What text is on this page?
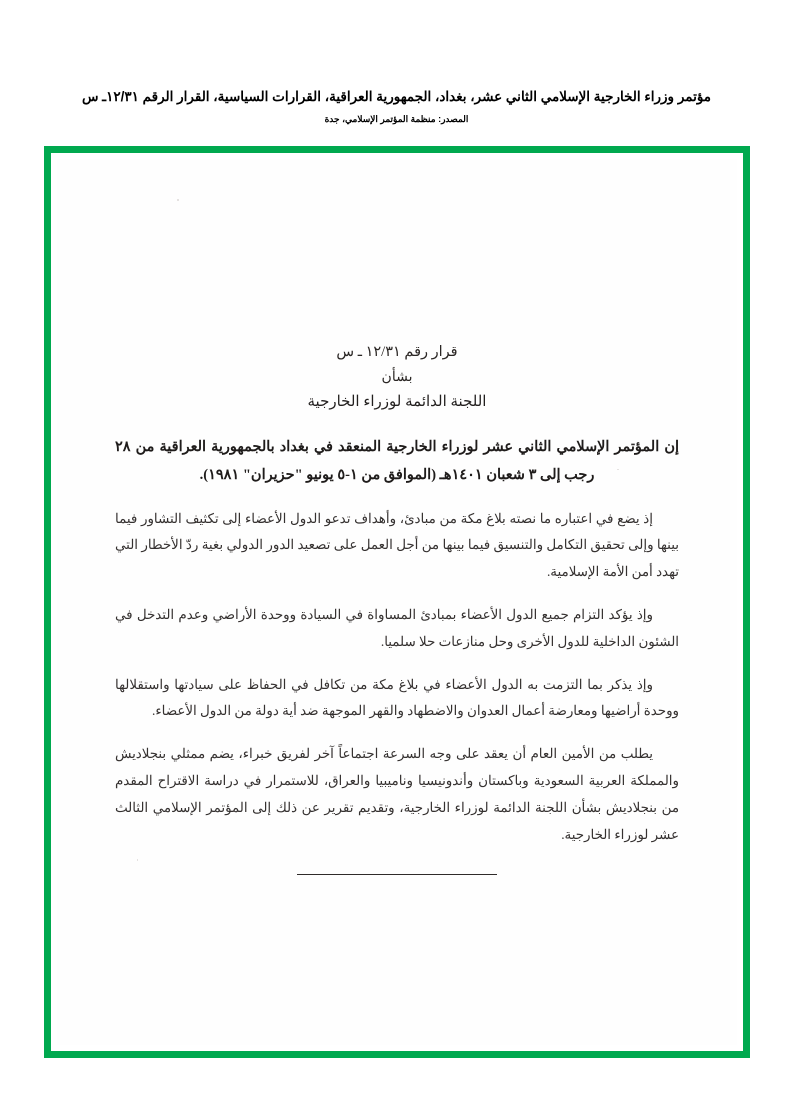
مؤتمر وزراء الخارجية الإسلامي الثاني عشر، بغداد، الجمهورية العراقية، القرارات السياسية، القرار الرقم ١٢/٣١ـ س
المصدر: منظمة المؤتمر الإسلامي، جدة
قرار رقم ١٢/٣١ ـ س
بشأن
اللجنة الدائمة لوزراء الخارجية
إن المؤتمر الإسلامي الثاني عشر لوزراء الخارجية المنعقد في بغداد بالجمهورية العراقية من ٢٨ رجب إلى ٣ شعبان ١٤٠١هـ (الموافق من ١-٥ يونيو "حزيران" ١٩٨١).

إذ يضع في اعتباره ما نصته بلاغ مكة من مبادئ، وأهداف تدعو الدول الأعضاء إلى تكثيف التشاور فيما بينها وإلى تحقيق التكامل والتنسيق فيما بينها من أجل العمل على تصعيد الدور الدولي بغية ردّ الأخطار التي تهدد أمن الأمة الإسلامية.

وإذ يؤكد التزام جميع الدول الأعضاء بمبادئ المساواة في السيادة ووحدة الأراضي وعدم التدخل في الشئون الداخلية للدول الأخرى وحل منازعات حلا سلميا.

وإذ يذكر بما التزمت به الدول الأعضاء في بلاغ مكة من تكافل في الحفاظ على سيادتها واستقلالها ووحدة أراضيها ومعارضة أعمال العدوان والاضطهاد والقهر الموجهة ضد أية دولة من الدول الأعضاء.

يطلب من الأمين العام أن يعقد على وجه السرعة اجتماعاً آخر لفريق خبراء، يضم ممثلي بنجلاديش والمملكة العربية السعودية وباكستان وأندونيسيا وناميبيا والعراق، للاستمرار في دراسة الاقتراح المقدم من بنجلاديش بشأن اللجنة الدائمة لوزراء الخارجية، وتقديم تقرير عن ذلك إلى المؤتمر الإسلامي الثالث عشر لوزراء الخارجية.
